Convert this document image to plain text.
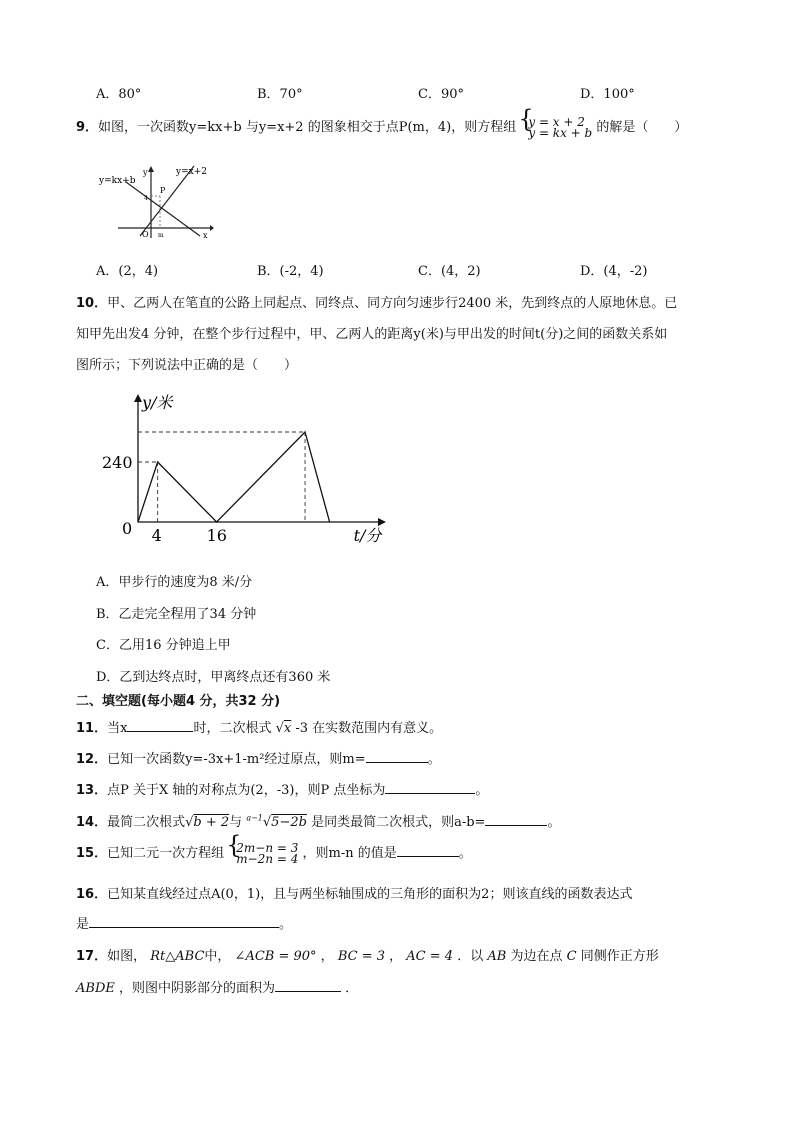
A．80°	B．70°	C．90°	D．100°
9．如图，一次函数y=kx+b 与y=x+2 的图象相交于点P(m，4)，则方程组 { y = x + 2
y = kx + b 的解是（　　）
y=kx+b
y=x+2
y
x
P
O m
4
A．(2，4)	B．(-2，4)	C．(4，2)	D．(4，-2)
10．甲、乙两人在笔直的公路上同起点、同终点、同方向匀速步行2400 米，先到终点的人原地休息。已
知甲先出发4 分钟，在整个步行过程中，甲、乙两人的距离y(米)与甲出发的时间t(分)之间的函数关系如
图所示；下列说法中正确的是（　　）
0 4	16
240
t/分
y/米
A．甲步行的速度为8 米/分
B．乙走完全程用了34 分钟
C．乙用16 分钟追上甲
D．乙到达终点时，甲离终点还有360 米
二、填空题(每小题4 分，共32 分)
11．当x	时，二次根式 √x -3 在实数范围内有意义。
12．已知一次函数y=-3x+1-m²经过原点，则m=	。
13．点P 关于X 轴的对称点为(2，-3)，则P 点坐标为	。
14．最简二次根式√b + 2与 $^{a-1}$√5−2b 是同类最简二次根式，则a-b=	。
15．已知二元一次方程组 { 2m−n = 3
m−2n = 4 ，则m-n 的值是	。
16．已知某直线经过点A(0，1)，且与两坐标轴围成的三角形的面积为2；则该直线的函数表达式
是	。
17．如图， Rt△ABC中， ∠ACB = 90° ， BC = 3 ， AC = 4 ．以 AB 为边在点 C 同侧作正方形
ABDE ，则图中阴影部分的面积为	．
